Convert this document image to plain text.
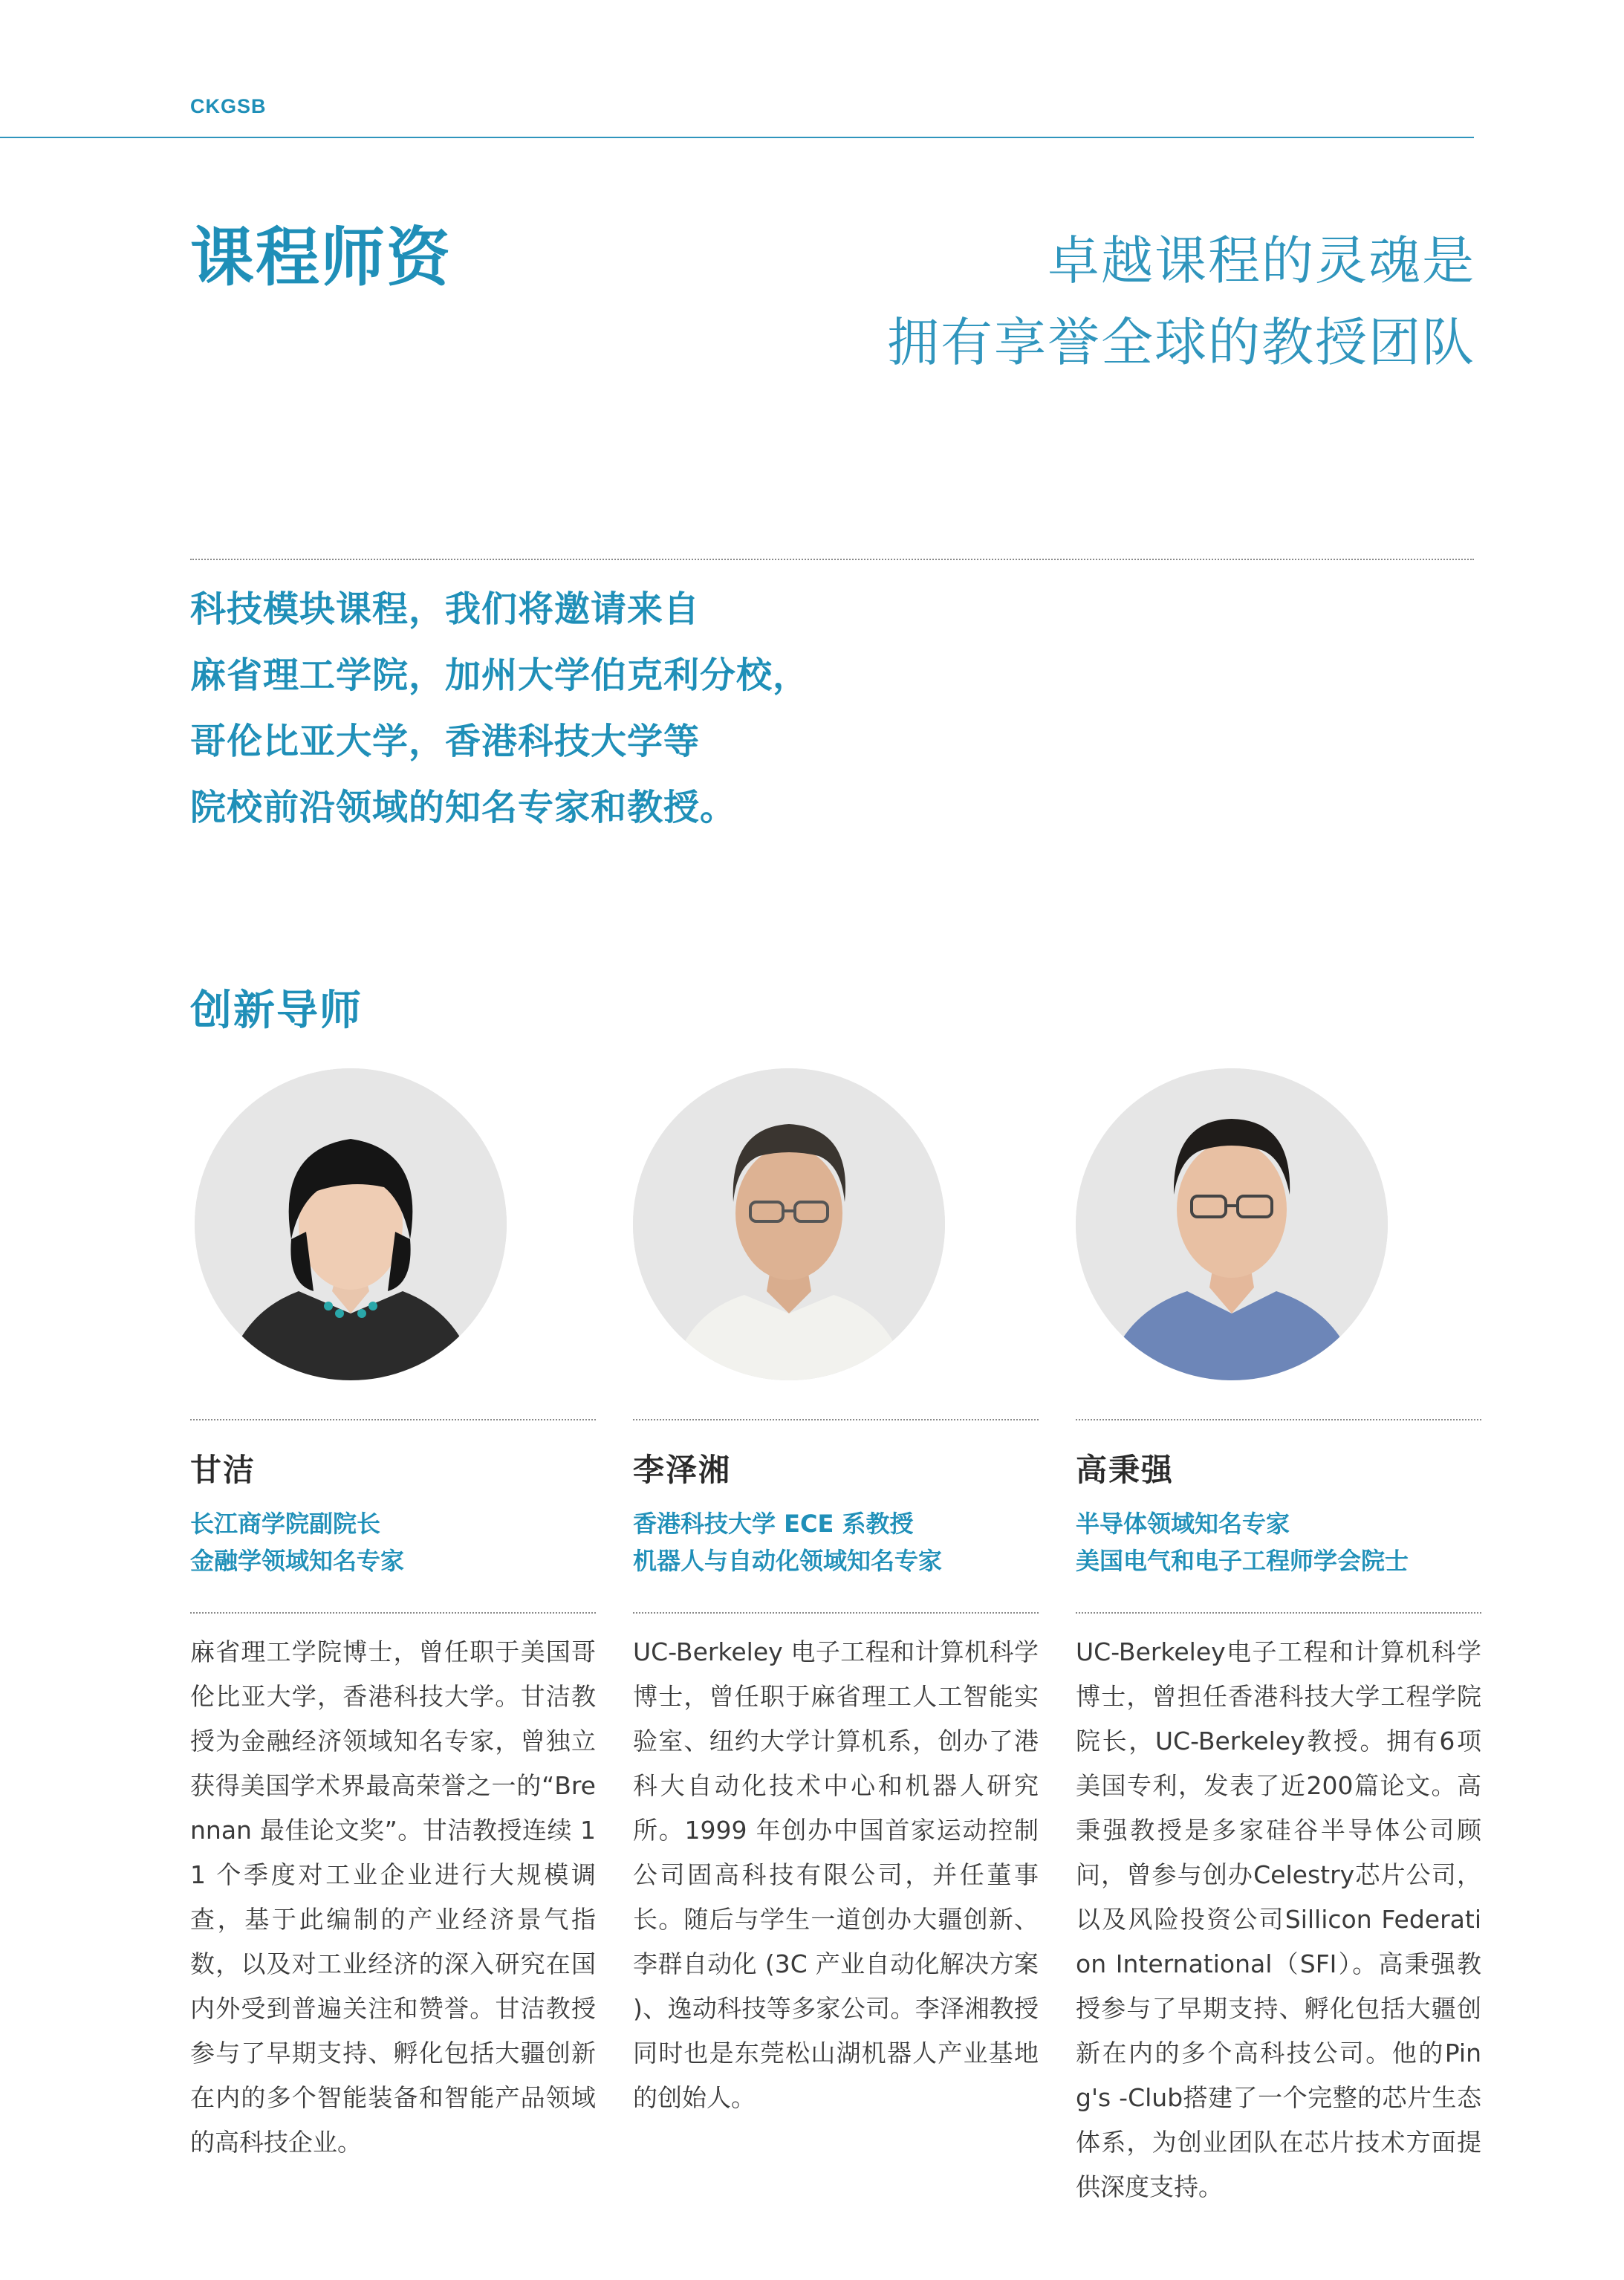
CKGSB
课程师资	卓越课程的灵魂是
拥有享誉全球的教授团队
科技模块课程，我们将邀请来自
麻省理工学院，加州大学伯克利分校，
哥伦比亚大学，香港科技大学等
院校前沿领域的知名专家和教授。
创新导师
甘洁
长江商学院副院长
金融学领域知名专家
麻省理工学院博士，曾任职于美国哥伦比亚大学，香港科技大学。甘洁教授为金融经济领域知名专家，曾独立获得美国学术界最高荣誉之一的“Brennan 最佳论文奖”。甘洁教授连续 11 个季度对工业企业进行大规模调查，基于此编制的产业经济景气指数，以及对工业经济的深入研究在国内外受到普遍关注和赞誉。甘洁教授参与了早期支持、孵化包括大疆创新在内的多个智能装备和智能产品领域的高科技企业。
李泽湘
香港科技大学 ECE 系教授
机器人与自动化领域知名专家
UC-Berkeley 电子工程和计算机科学博士，曾任职于麻省理工人工智能实验室、纽约大学计算机系，创办了港科大自动化技术中心和机器人研究所。1999 年创办中国首家运动控制公司固高科技有限公司，并任董事长。随后与学生一道创办大疆创新、李群自动化 (3C 产业自动化解决方案 )、逸动科技等多家公司。李泽湘教授同时也是东莞松山湖机器人产业基地的创始人。
高秉强
半导体领域知名专家
美国电气和电子工程师学会院士
UC-Berkeley电子工程和计算机科学博士，曾担任香港科技大学工程学院院长，UC-Berkeley教授。拥有6项美国专利，发表了近200篇论文。高秉强教授是多家硅谷半导体公司顾问，曾参与创办Celestry芯片公司，以及风险投资公司Sillicon Federation International（SFI）。高秉强教授参与了早期支持、孵化包括大疆创新在内的多个高科技公司。他的Ping's -Club搭建了一个完整的芯片生态体系，为创业团队在芯片技术方面提供深度支持。
